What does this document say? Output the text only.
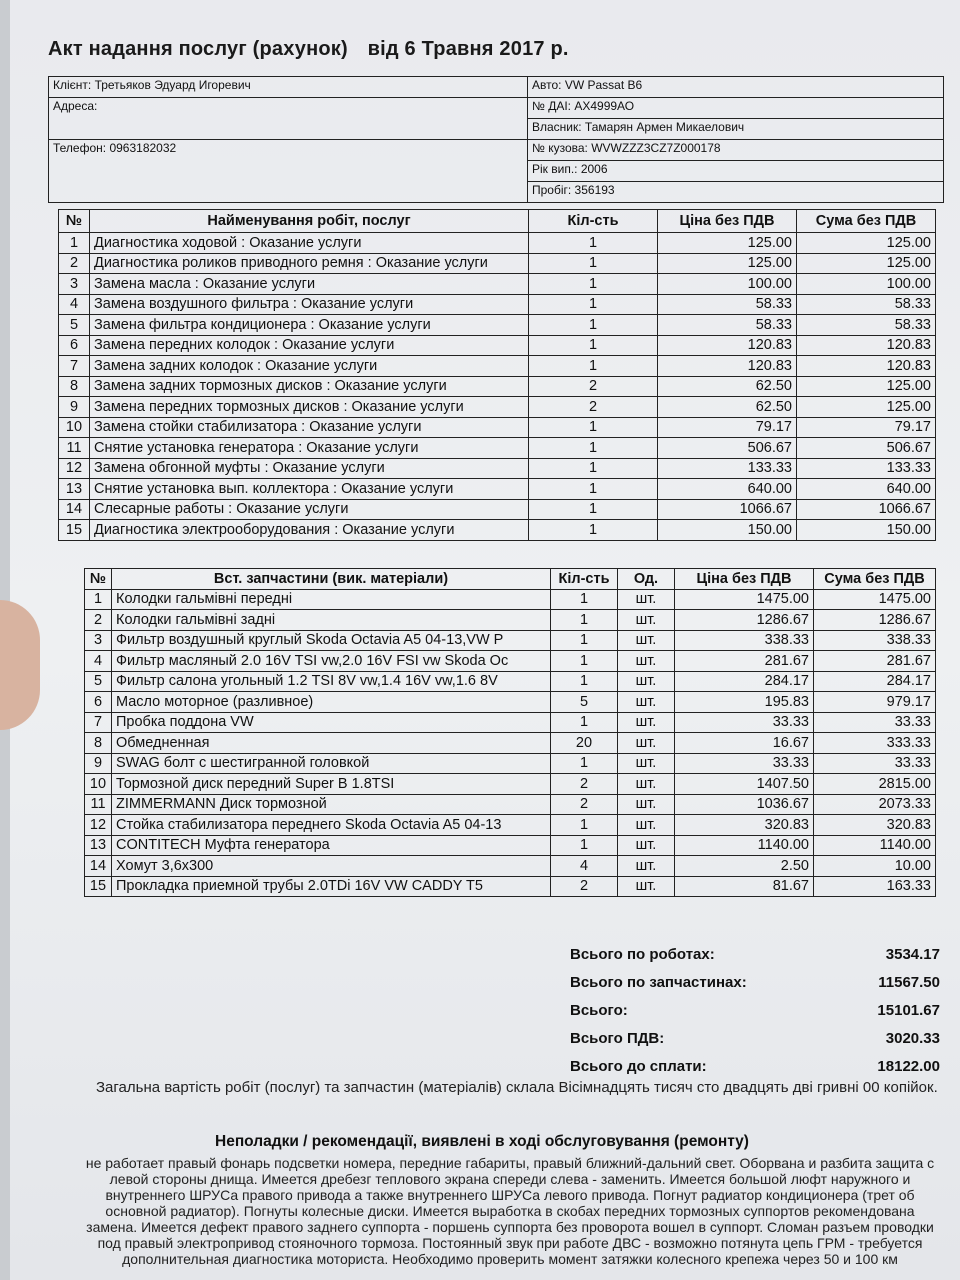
Акт надання послуг (рахунок) від 6 Травня 2017 р.
Клієнт: Третьяков Эдуард Игоревич	Авто: VW Passat B6
Адреса:	№ ДАІ: АХ4999АО
	Власник: Тамарян Армен Микаелович
Телефон: 0963182032	№ кузова: WVWZZZ3CZ7Z000178
	Рік вип.: 2006
	Пробіг: 356193
№	Найменування робіт, послуг	Кіл-сть	Ціна без ПДВ	Сума без ПДВ
1	Диагностика ходовой : Оказание услуги	1	125.00	125.00
2	Диагностика роликов приводного ремня : Оказание услуги	1	125.00	125.00
3	Замена масла : Оказание услуги	1	100.00	100.00
4	Замена воздушного фильтра : Оказание услуги	1	58.33	58.33
5	Замена фильтра кондиционера : Оказание услуги	1	58.33	58.33
6	Замена передних колодок : Оказание услуги	1	120.83	120.83
7	Замена задних колодок : Оказание услуги	1	120.83	120.83
8	Замена задних тормозных дисков : Оказание услуги	2	62.50	125.00
9	Замена передних тормозных дисков : Оказание услуги	2	62.50	125.00
10	Замена стойки стабилизатора : Оказание услуги	1	79.17	79.17
11	Снятие установка генератора : Оказание услуги	1	506.67	506.67
12	Замена обгонной муфты : Оказание услуги	1	133.33	133.33
13	Снятие установка вып. коллектора : Оказание услуги	1	640.00	640.00
14	Слесарные работы : Оказание услуги	1	1066.67	1066.67
15	Диагностика электрооборудования : Оказание услуги	1	150.00	150.00
№	Вст. запчастини (вик. матеріали)	Кіл-сть	Од.	Ціна без ПДВ	Сума без ПДВ
1	Колодки гальмівні передні	1	шт.	1475.00	1475.00
2	Колодки гальмівні задні	1	шт.	1286.67	1286.67
3	Фильтр воздушный круглый Skoda Octavia A5 04-13,VW P	1	шт.	338.33	338.33
4	Фильтр масляный 2.0 16V TSI vw,2.0 16V FSI vw Skoda Oc	1	шт.	281.67	281.67
5	Фильтр салона угольный 1.2 TSI 8V vw,1.4 16V vw,1.6 8V	1	шт.	284.17	284.17
6	Масло моторное (разливное)	5	шт.	195.83	979.17
7	Пробка поддона VW	1	шт.	33.33	33.33
8	Обмедненная	20	шт.	16.67	333.33
9	SWAG болт с шестигранной головкой	1	шт.	33.33	33.33
10	Тормозной диск передний Super B 1.8TSI	2	шт.	1407.50	2815.00
11	ZIMMERMANN Диск тормозной	2	шт.	1036.67	2073.33
12	Стойка стабилизатора переднего Skoda Octavia A5 04-13	1	шт.	320.83	320.83
13	CONTITECH Муфта генератора	1	шт.	1140.00	1140.00
14	Хомут 3,6x300	4	шт.	2.50	10.00
15	Прокладка приемной трубы 2.0TDi 16V VW CADDY T5	2	шт.	81.67	163.33
Всього по роботах:	3534.17
Всього по запчастинах:	11567.50
Всього:	15101.67
Всього ПДВ:	3020.33
Всього до сплати:	18122.00
Загальна вартість робіт (послуг) та запчастин (матеріалів) склала Вісімнадцять тисяч сто двадцять дві гривні 00 копійок.
Неполадки / рекомендації, виявлені в ході обслуговування (ремонту)
не работает правый фонарь подсветки номера, передние габариты, правый ближний-дальний свет. Оборвана и разбита защита с левой стороны днища. Имеется дребезг теплового экрана спереди слева - заменить. Имеется большой люфт наружного и внутреннего ШРУСа правого привода а также внутреннего ШРУСа левого привода. Погнут радиатор кондиционера (трет об основной радиатор). Погнуты колесные диски. Имеется выработка в скобах передних тормозных суппортов рекомендована замена. Имеется дефект правого заднего суппорта - поршень суппорта без проворота вошел в суппорт. Сломан разъем проводки под правый электропривод стояночного тормоза. Постоянный звук при работе ДВС - возможно потянута цепь ГРМ - требуется дополнительная диагностика моториста. Необходимо проверить момент затяжки колесного крепежа через 50 и 100 км
